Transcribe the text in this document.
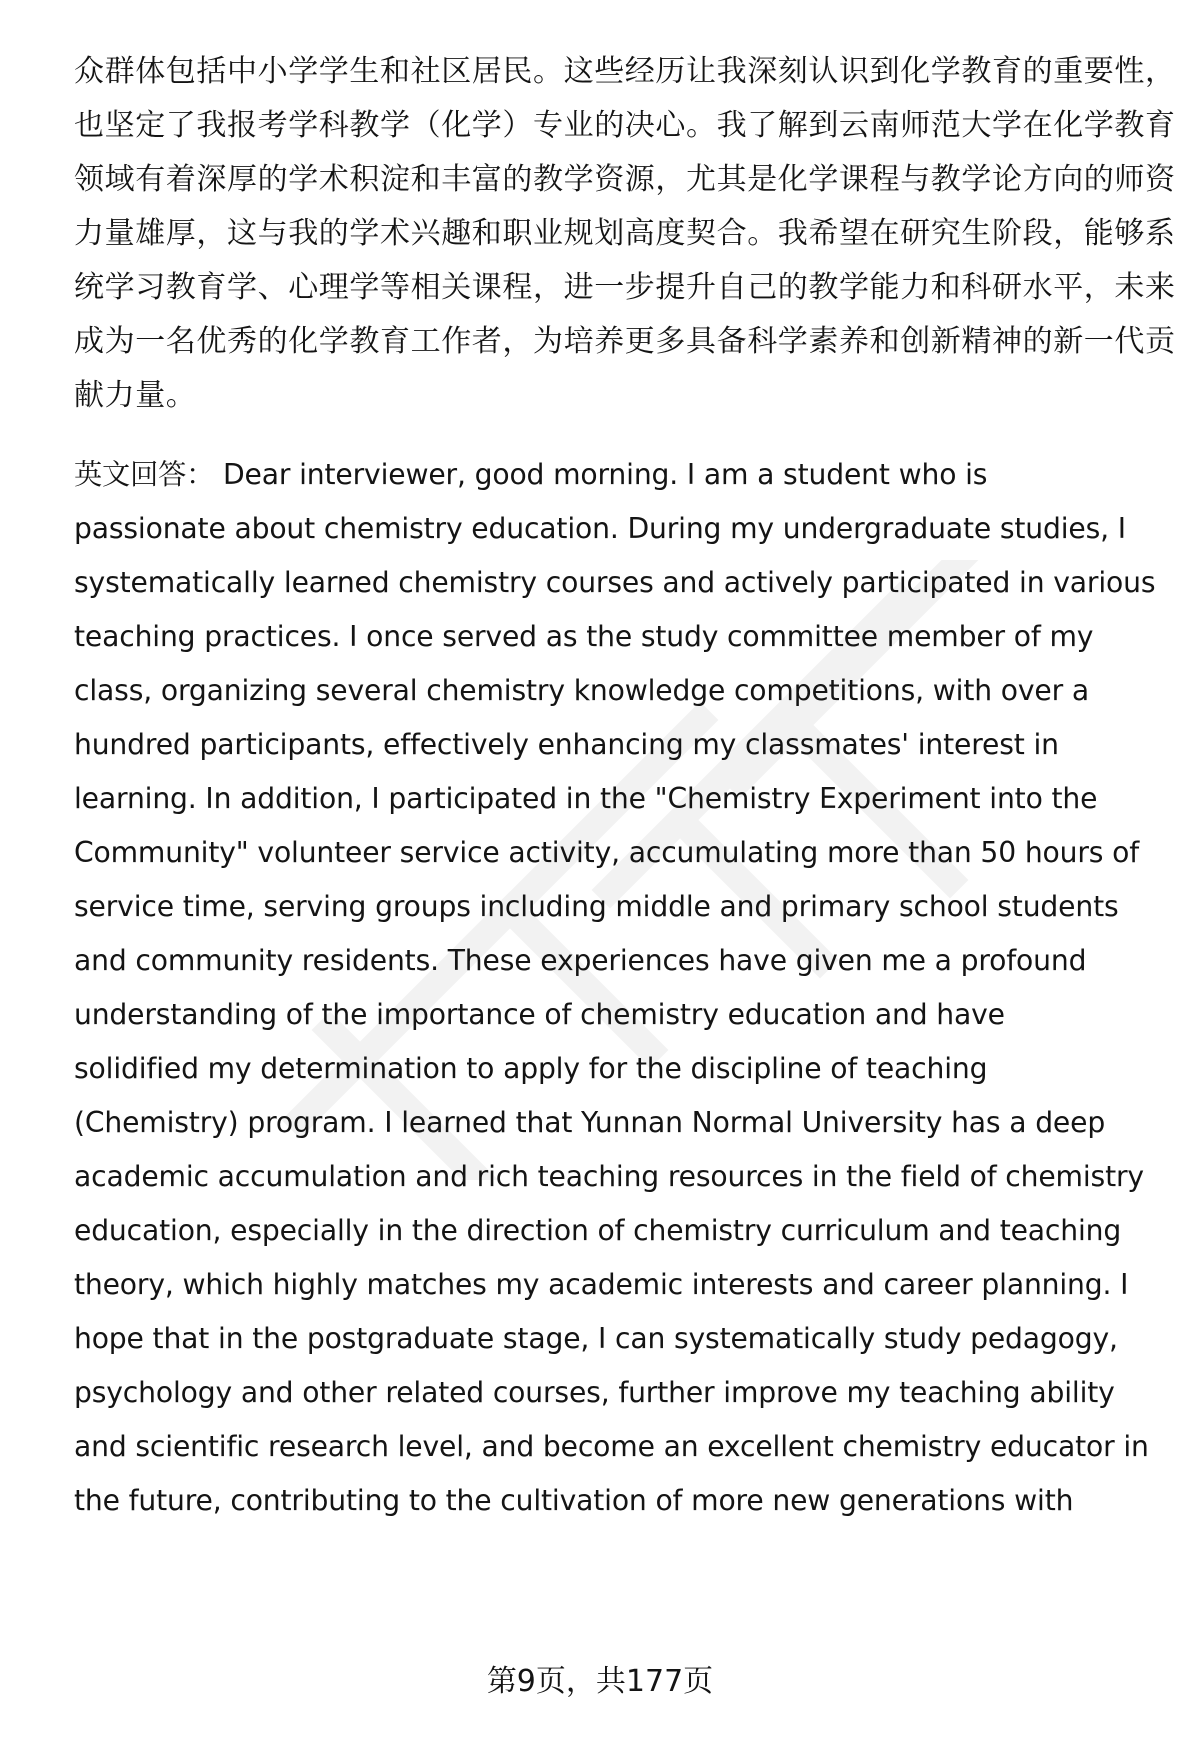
众群体包括中小学学生和社区居民。这些经历让我深刻认识到化学教育的重要性，
也坚定了我报考学科教学（化学）专业的决心。我了解到云南师范大学在化学教育
领域有着深厚的学术积淀和丰富的教学资源，尤其是化学课程与教学论方向的师资
力量雄厚，这与我的学术兴趣和职业规划高度契合。我希望在研究生阶段，能够系
统学习教育学、心理学等相关课程，进一步提升自己的教学能力和科研水平，未来
成为一名优秀的化学教育工作者，为培养更多具备科学素养和创新精神的新一代贡
献力量。
英文回答： Dear interviewer, good morning. I am a student who is
passionate about chemistry education. During my undergraduate studies, I
systematically learned chemistry courses and actively participated in various
teaching practices. I once served as the study committee member of my
class, organizing several chemistry knowledge competitions, with over a
hundred participants, effectively enhancing my classmates' interest in
learning. In addition, I participated in the "Chemistry Experiment into the
Community" volunteer service activity, accumulating more than 50 hours of
service time, serving groups including middle and primary school students
and community residents. These experiences have given me a profound
understanding of the importance of chemistry education and have
solidified my determination to apply for the discipline of teaching
(Chemistry) program. I learned that Yunnan Normal University has a deep
academic accumulation and rich teaching resources in the field of chemistry
education, especially in the direction of chemistry curriculum and teaching
theory, which highly matches my academic interests and career planning. I
hope that in the postgraduate stage, I can systematically study pedagogy,
psychology and other related courses, further improve my teaching ability
and scientific research level, and become an excellent chemistry educator in
the future, contributing to the cultivation of more new generations with
第9页，共177页
